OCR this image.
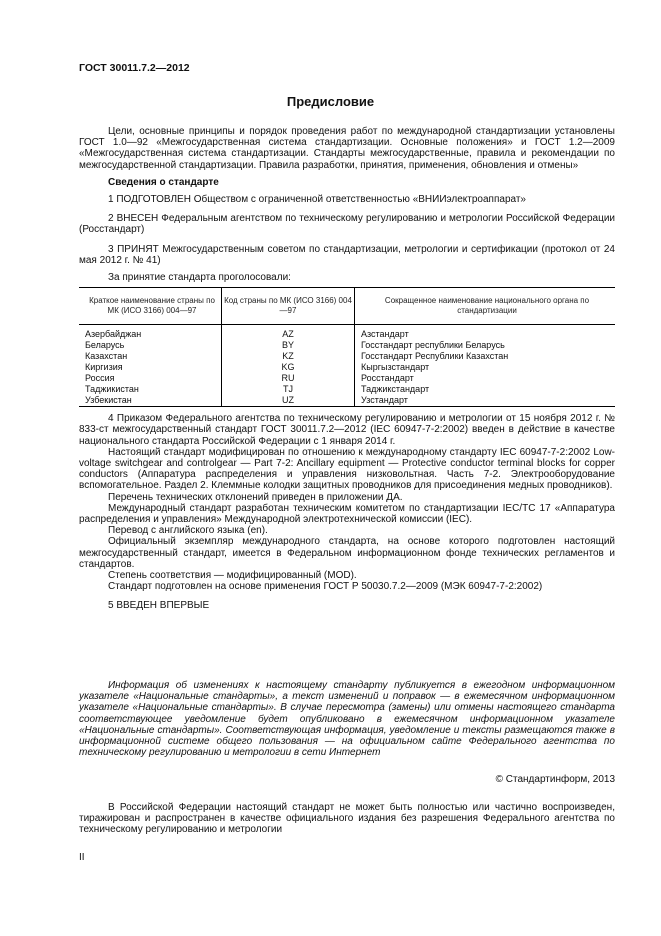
ГОСТ 30011.7.2—2012
Предисловие

Цели, основные принципы и порядок проведения работ по международной стандартизации установлены ГОСТ 1.0—92 «Межгосударственная система стандартизации. Основные положения» и ГОСТ 1.2—2009 «Межгосударственная система стандартизации. Стандарты межгосударственные, правила и рекомендации по межгосударственной стандартизации. Правила разработки, принятия, применения, обновления и отмены»

Сведения о стандарте

1 ПОДГОТОВЛЕН Обществом с ограниченной ответственностью «ВНИИэлектроаппарат»

2 ВНЕСЕН Федеральным агентством по техническому регулированию и метрологии Российской Федерации (Росстандарт)

3 ПРИНЯТ Межгосударственным советом по стандартизации, метрологии и сертификации (протокол от 24 мая 2012 г. № 41)

За принятие стандарта проголосовали:

Краткое наименование страны по МК (ИСО 3166) 004—97	Код страны по МК (ИСО 3166) 004—97	Сокращенное наименование национального органа по стандартизации
Азербайджан	AZ	Азстандарт
Беларусь	BY	Госстандарт республики Беларусь
Казахстан	KZ	Госстандарт Республики Казахстан
Киргизия	KG	Кыргызстандарт
Россия	RU	Росстандарт
Таджикистан	TJ	Таджикстандарт
Узбекистан	UZ	Узстандарт

4 Приказом Федерального агентства по техническому регулированию и метрологии от 15 ноября 2012 г. № 833-ст межгосударственный стандарт ГОСТ 30011.7.2—2012 (IEC 60947-7-2:2002) введен в действие в качестве национального стандарта Российской Федерации с 1 января 2014 г.

Настоящий стандарт модифицирован по отношению к международному стандарту IEC 60947-7-2:2002 Low-voltage switchgear and controlgear — Part 7-2: Ancillary equipment — Protective conductor terminal blocks for copper conductors (Аппаратура распределения и управления низковольтная. Часть 7-2. Электрооборудование вспомогательное. Раздел 2. Клеммные колодки защитных проводников для присоединения медных проводников).

Перечень технических отклонений приведен в приложении ДА.

Международный стандарт разработан техническим комитетом по стандартизации IEC/TC 17 «Аппаратура распределения и управления» Международной электротехнической комиссии (IEC).

Перевод с английского языка (en).

Официальный экземпляр международного стандарта, на основе которого подготовлен настоящий межгосударственный стандарт, имеется в Федеральном информационном фонде технических регламентов и стандартов.

Степень соответствия — модифицированный (MOD).

Стандарт подготовлен на основе применения ГОСТ Р 50030.7.2—2009 (МЭК 60947-7-2:2002)

5 ВВЕДЕН ВПЕРВЫЕ

Информация об изменениях к настоящему стандарту публикуется в ежегодном информационном указателе «Национальные стандарты», а текст изменений и поправок — в ежемесячном информационном указателе «Национальные стандарты». В случае пересмотра (замены) или отмены настоящего стандарта соответствующее уведомление будет опубликовано в ежемесячном информационном указателе «Национальные стандарты». Соответствующая информация, уведомление и тексты размещаются также в информационной системе общего пользования — на официальном сайте Федерального агентства по техническому регулированию и метрологии в сети Интернет

© Стандартинформ, 2013

В Российской Федерации настоящий стандарт не может быть полностью или частично воспроизведен, тиражирован и распространен в качестве официального издания без разрешения Федерального агентства по техническому регулированию и метрологии

II
